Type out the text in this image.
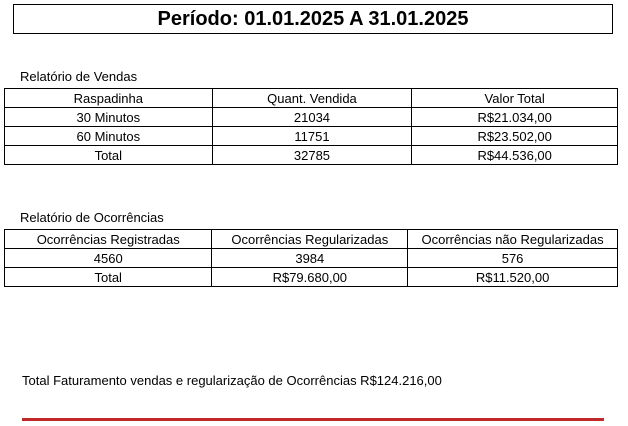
Período: 01.01.2025 A 31.01.2025
Relatório de Vendas
Raspadinha	Quant. Vendida	Valor Total
30 Minutos	21034	R$21.034,00
60 Minutos	11751	R$23.502,00
Total	32785	R$44.536,00
Relatório de Ocorrências
Ocorrências Registradas	Ocorrências Regularizadas	Ocorrências não Regularizadas
4560	3984	576
Total	R$79.680,00	R$11.520,00
Total Faturamento vendas e regularização de Ocorrências R$124.216,00
